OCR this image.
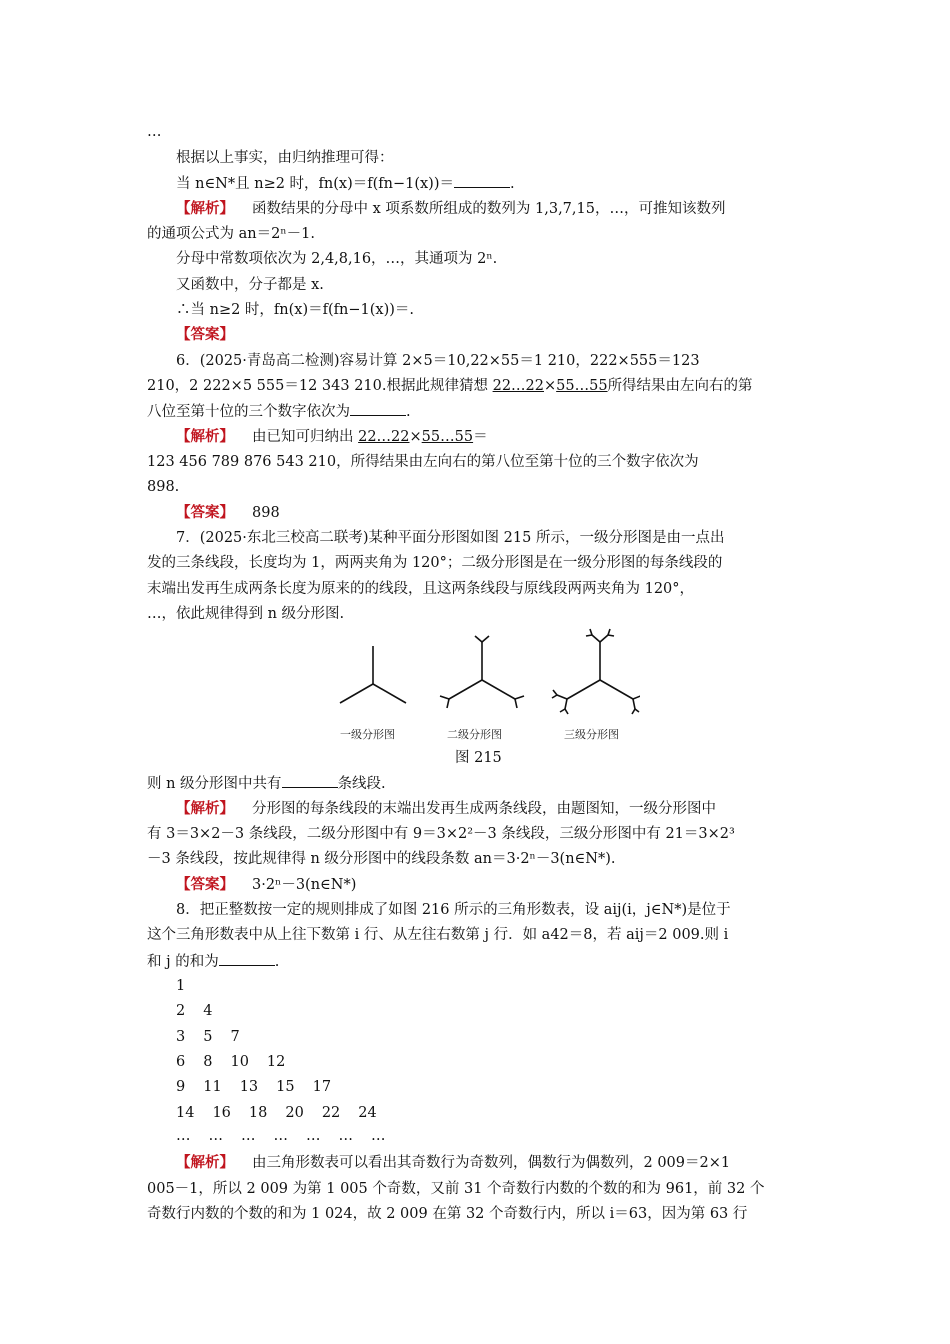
…
根据以上事实，由归纳推理可得：
当 n∈N*且 n≥2 时，fn(x)＝f(fn−1(x))＝	.
【解析】 函数结果的分母中 x 项系数所组成的数列为 1,3,7,15，…，可推知该数列
的通项公式为 an＝2ⁿ－1.
分母中常数项依次为 2,4,8,16，…，其通项为 2ⁿ.
又函数中，分子都是 x.
∴当 n≥2 时，fn(x)＝f(fn−1(x))＝.
【答案】
6．(2025·青岛高二检测)容易计算 2×5＝10,22×55＝1 210，222×555＝123
210，2 222×5 555＝12 343 210.根据此规律猜想 22…22×55…55所得结果由左向右的第
八位至第十位的三个数字依次为	.
【解析】 由已知可归纳出 22…22×55…55＝
123 456 789 876 543 210，所得结果由左向右的第八位至第十位的三个数字依次为
898.
【答案】 898
7．(2025·东北三校高二联考)某种平面分形图如图 215 所示，一级分形图是由一点出
发的三条线段，长度均为 1，两两夹角为 120°；二级分形图是在一级分形图的每条线段的
末端出发再生成两条长度为原来的的线段，且这两条线段与原线段两两夹角为 120°，
…，依此规律得到 n 级分形图.
一级分形图	二级分形图	三级分形图
图 215
则 n 级分形图中共有	条线段.
【解析】 分形图的每条线段的末端出发再生成两条线段，由题图知，一级分形图中
有 3＝3×2－3 条线段，二级分形图中有 9＝3×2²－3 条线段，三级分形图中有 21＝3×2³
－3 条线段，按此规律得 n 级分形图中的线段条数 an＝3·2ⁿ－3(n∈N*).
【答案】 3·2ⁿ－3(n∈N*)
8．把正整数按一定的规则排成了如图 216 所示的三角形数表，设 aij(i，j∈N*)是位于
这个三角形数表中从上往下数第 i 行、从左往右数第 j 行．如 a42＝8，若 aij＝2 009.则 i
和 j 的和为	.
1
2 4
3 5 7
6 8 10 12
9 11 13 15 17
14 16 18 20 22 24
… … … … … … …
【解析】 由三角形数表可以看出其奇数行为奇数列，偶数行为偶数列，2 009＝2×1
005－1，所以 2 009 为第 1 005 个奇数，又前 31 个奇数行内数的个数的和为 961，前 32 个
奇数行内数的个数的和为 1 024，故 2 009 在第 32 个奇数行内，所以 i＝63，因为第 63 行
